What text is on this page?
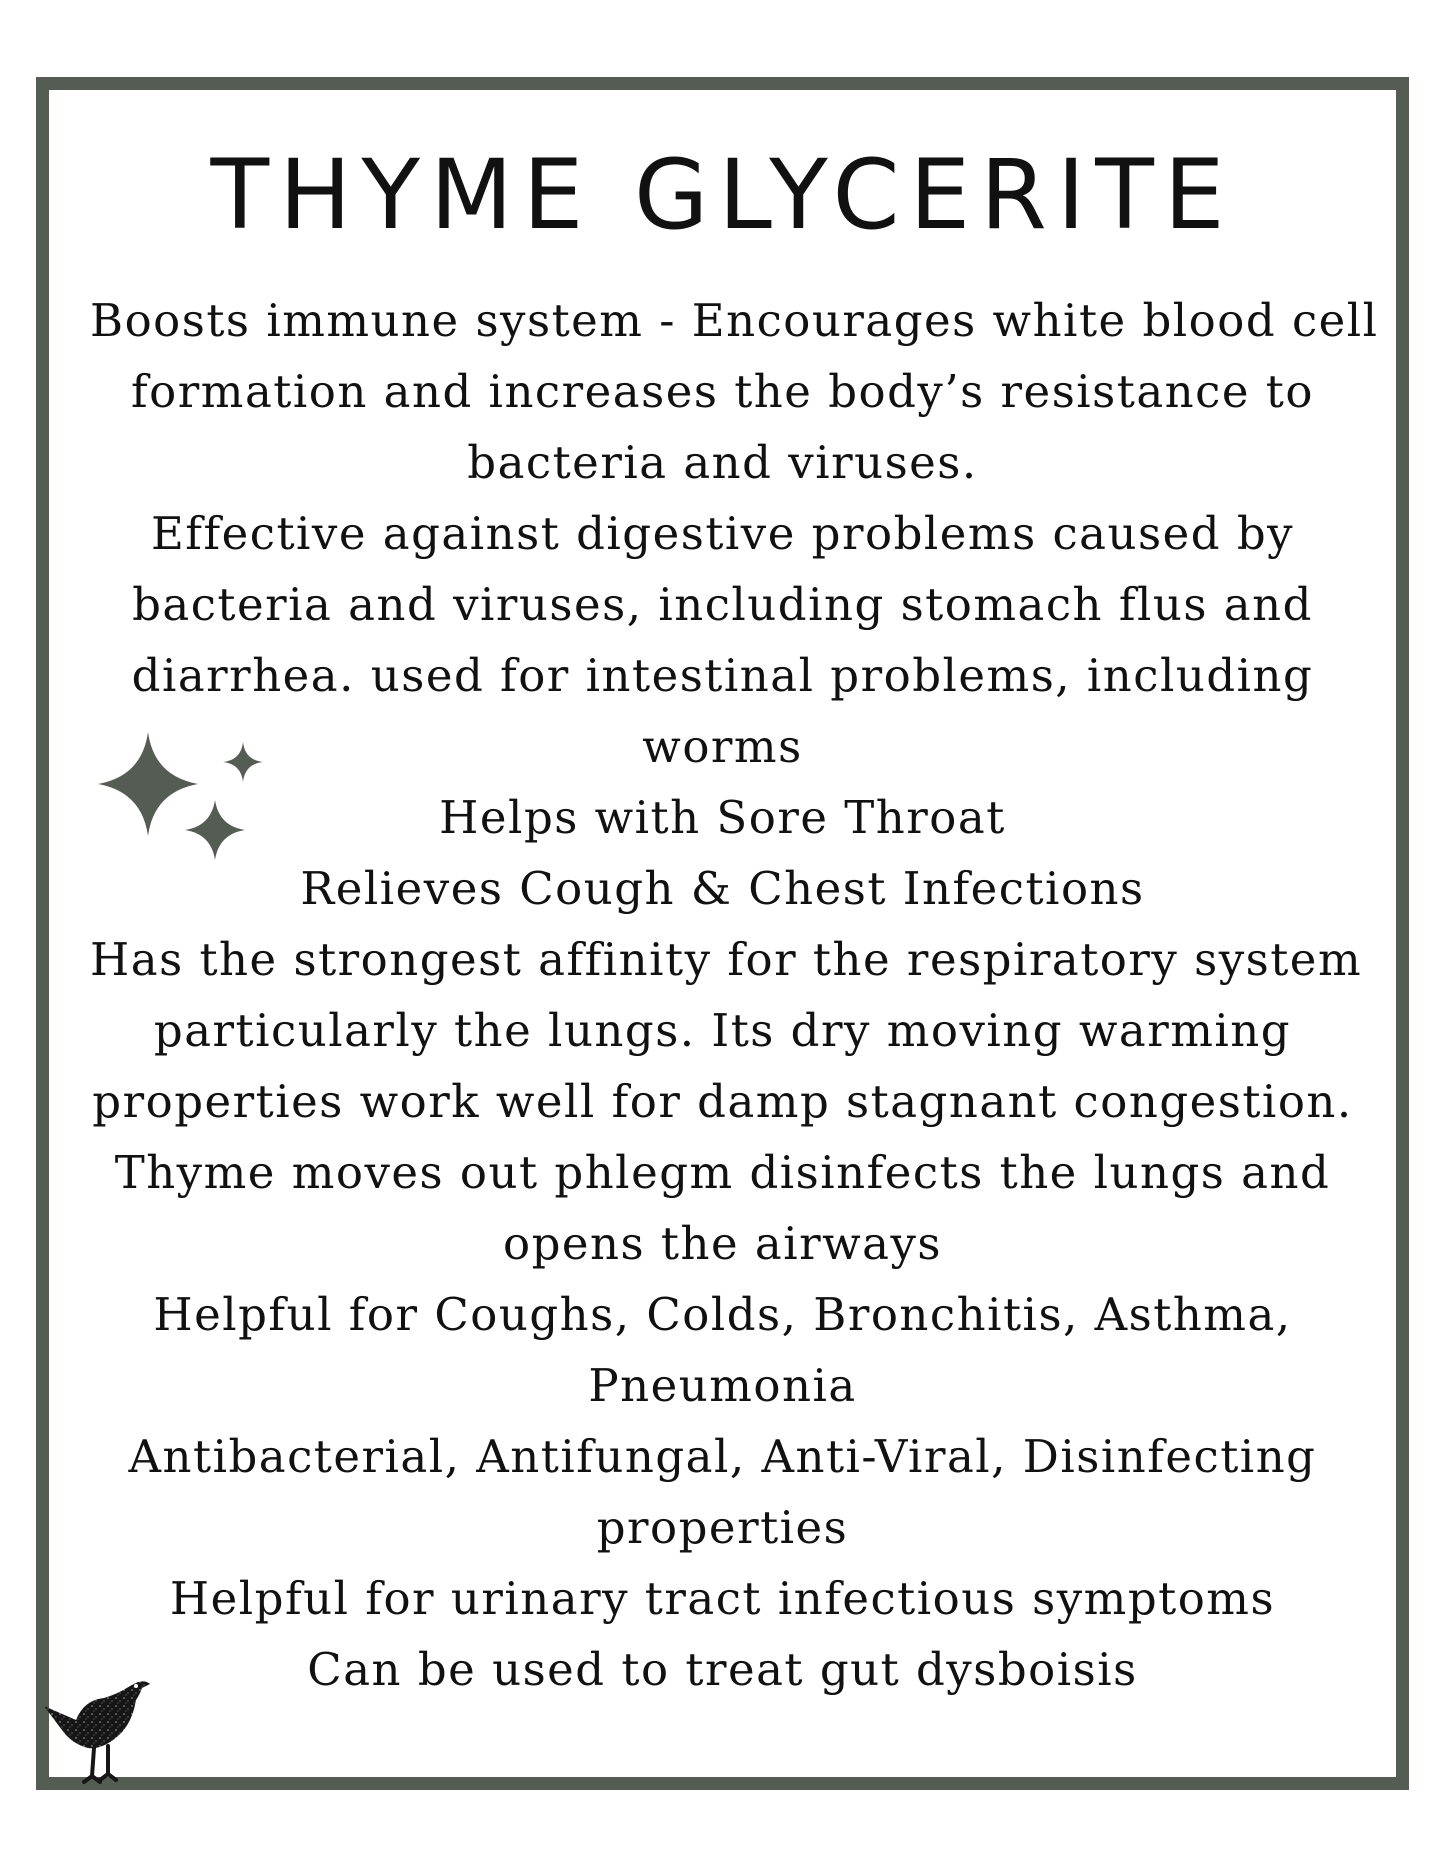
THYME GLYCERITE
Boosts immune system - Encourages white blood cell
formation and increases the body’s resistance to
bacteria and viruses.
Effective against digestive problems caused by
bacteria and viruses, including stomach flus and
diarrhea. used for intestinal problems, including
worms
Helps with Sore Throat
Relieves Cough & Chest Infections
Has the strongest affinity for the respiratory system
particularly the lungs. Its dry moving warming
properties work well for damp stagnant congestion.
Thyme moves out phlegm disinfects the lungs and
opens the airways
Helpful for Coughs, Colds, Bronchitis, Asthma,
Pneumonia
Antibacterial, Antifungal, Anti-Viral, Disinfecting
properties
Helpful for urinary tract infectious symptoms
Can be used to treat gut dysboisis
